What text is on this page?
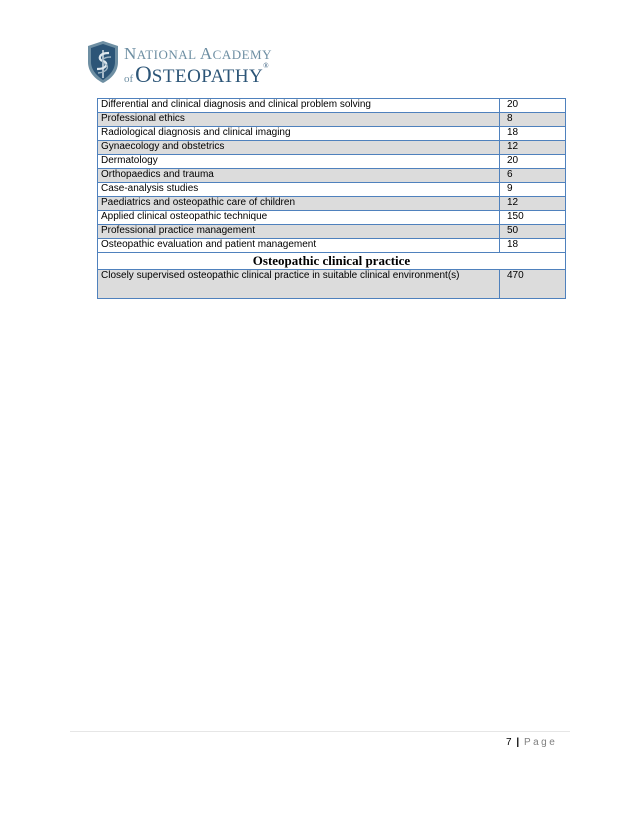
NATIONAL ACADEMY
ofOSTEOPATHY®
Differential and clinical diagnosis and clinical problem solving	20
Professional ethics	8
Radiological diagnosis and clinical imaging	18
Gynaecology and obstetrics	12
Dermatology	20
Orthopaedics and trauma	6
Case-analysis studies	9
Paediatrics and osteopathic care of children	12
Applied clinical osteopathic technique	150
Professional practice management	50
Osteopathic evaluation and patient management	18
Osteopathic clinical practice	
Closely supervised osteopathic clinical practice in suitable clinical environment(s)	470
7 | Page
